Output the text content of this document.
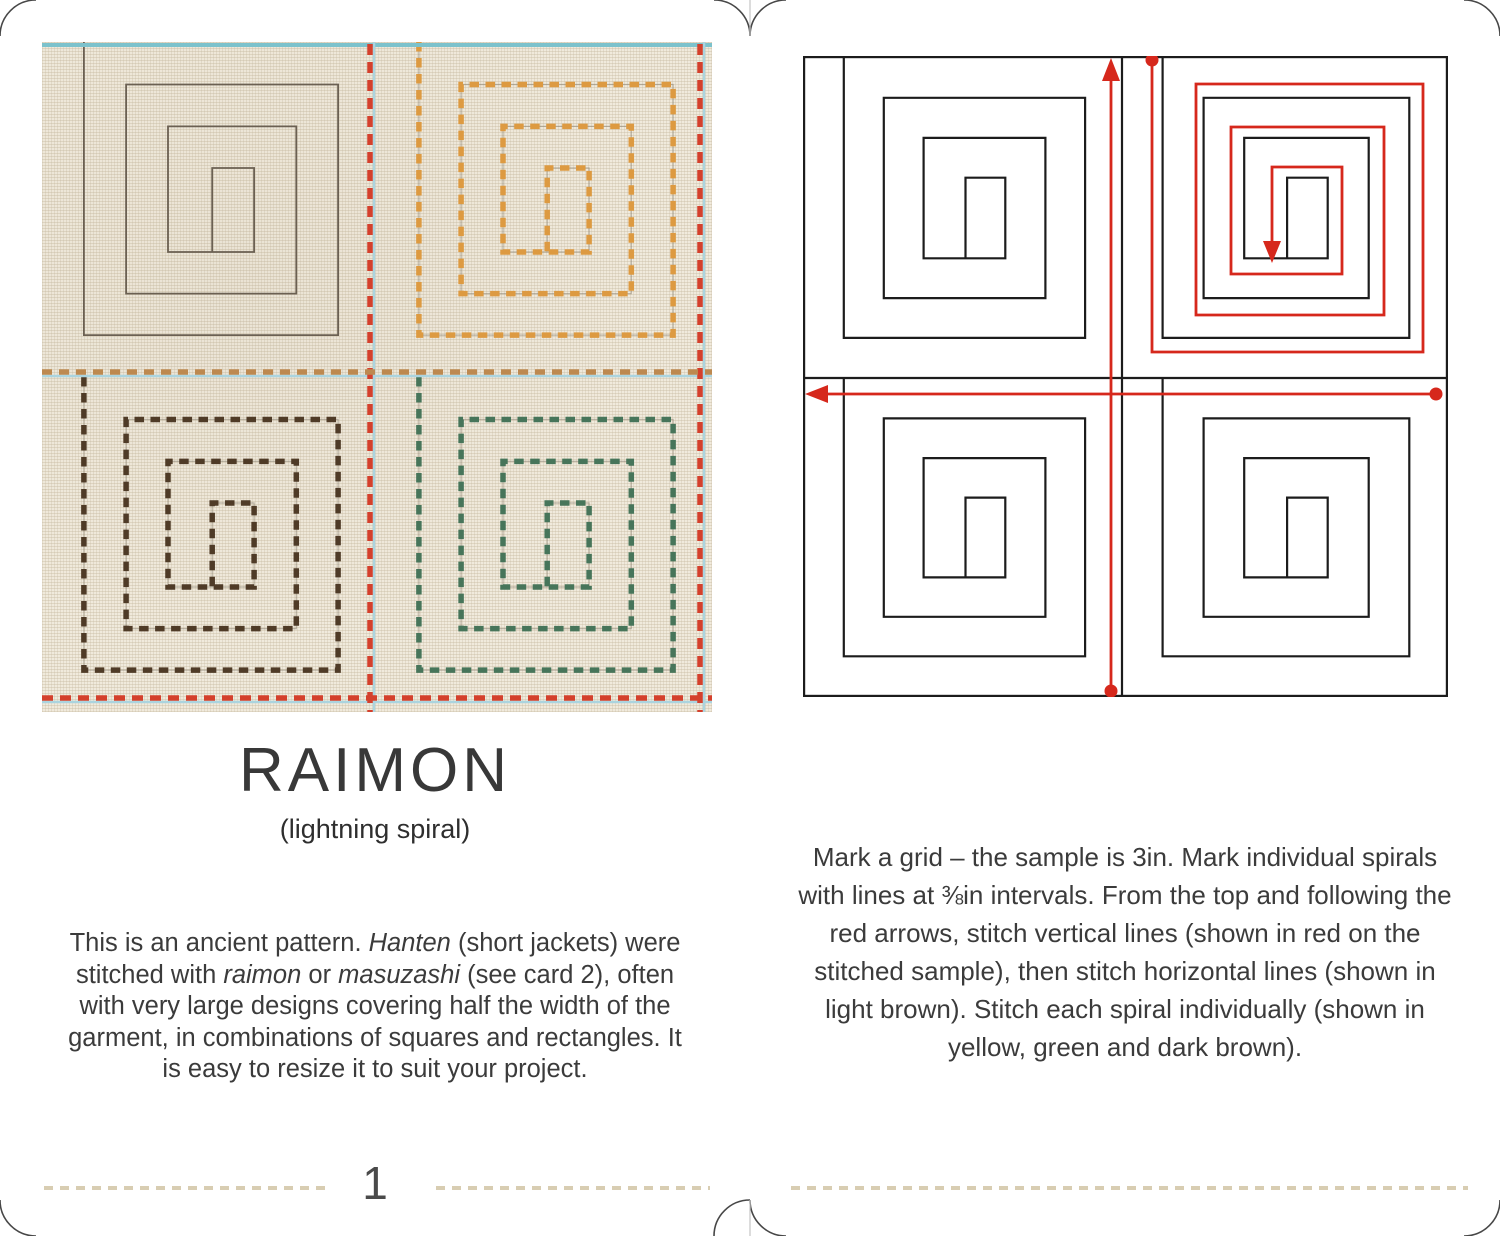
RAIMON
(lightning spiral)

This is an ancient pattern. Hanten (short jackets) were stitched with raimon or masuzashi (see card 2), often with very large designs covering half the width of the garment, in combinations of squares and rectangles. It is easy to resize it to suit your project.

1

Mark a grid – the sample is 3in. Mark individual spirals with lines at ⅜in intervals. From the top and following the red arrows, stitch vertical lines (shown in red on the stitched sample), then stitch horizontal lines (shown in light brown). Stitch each spiral individually (shown in yellow, green and dark brown).
